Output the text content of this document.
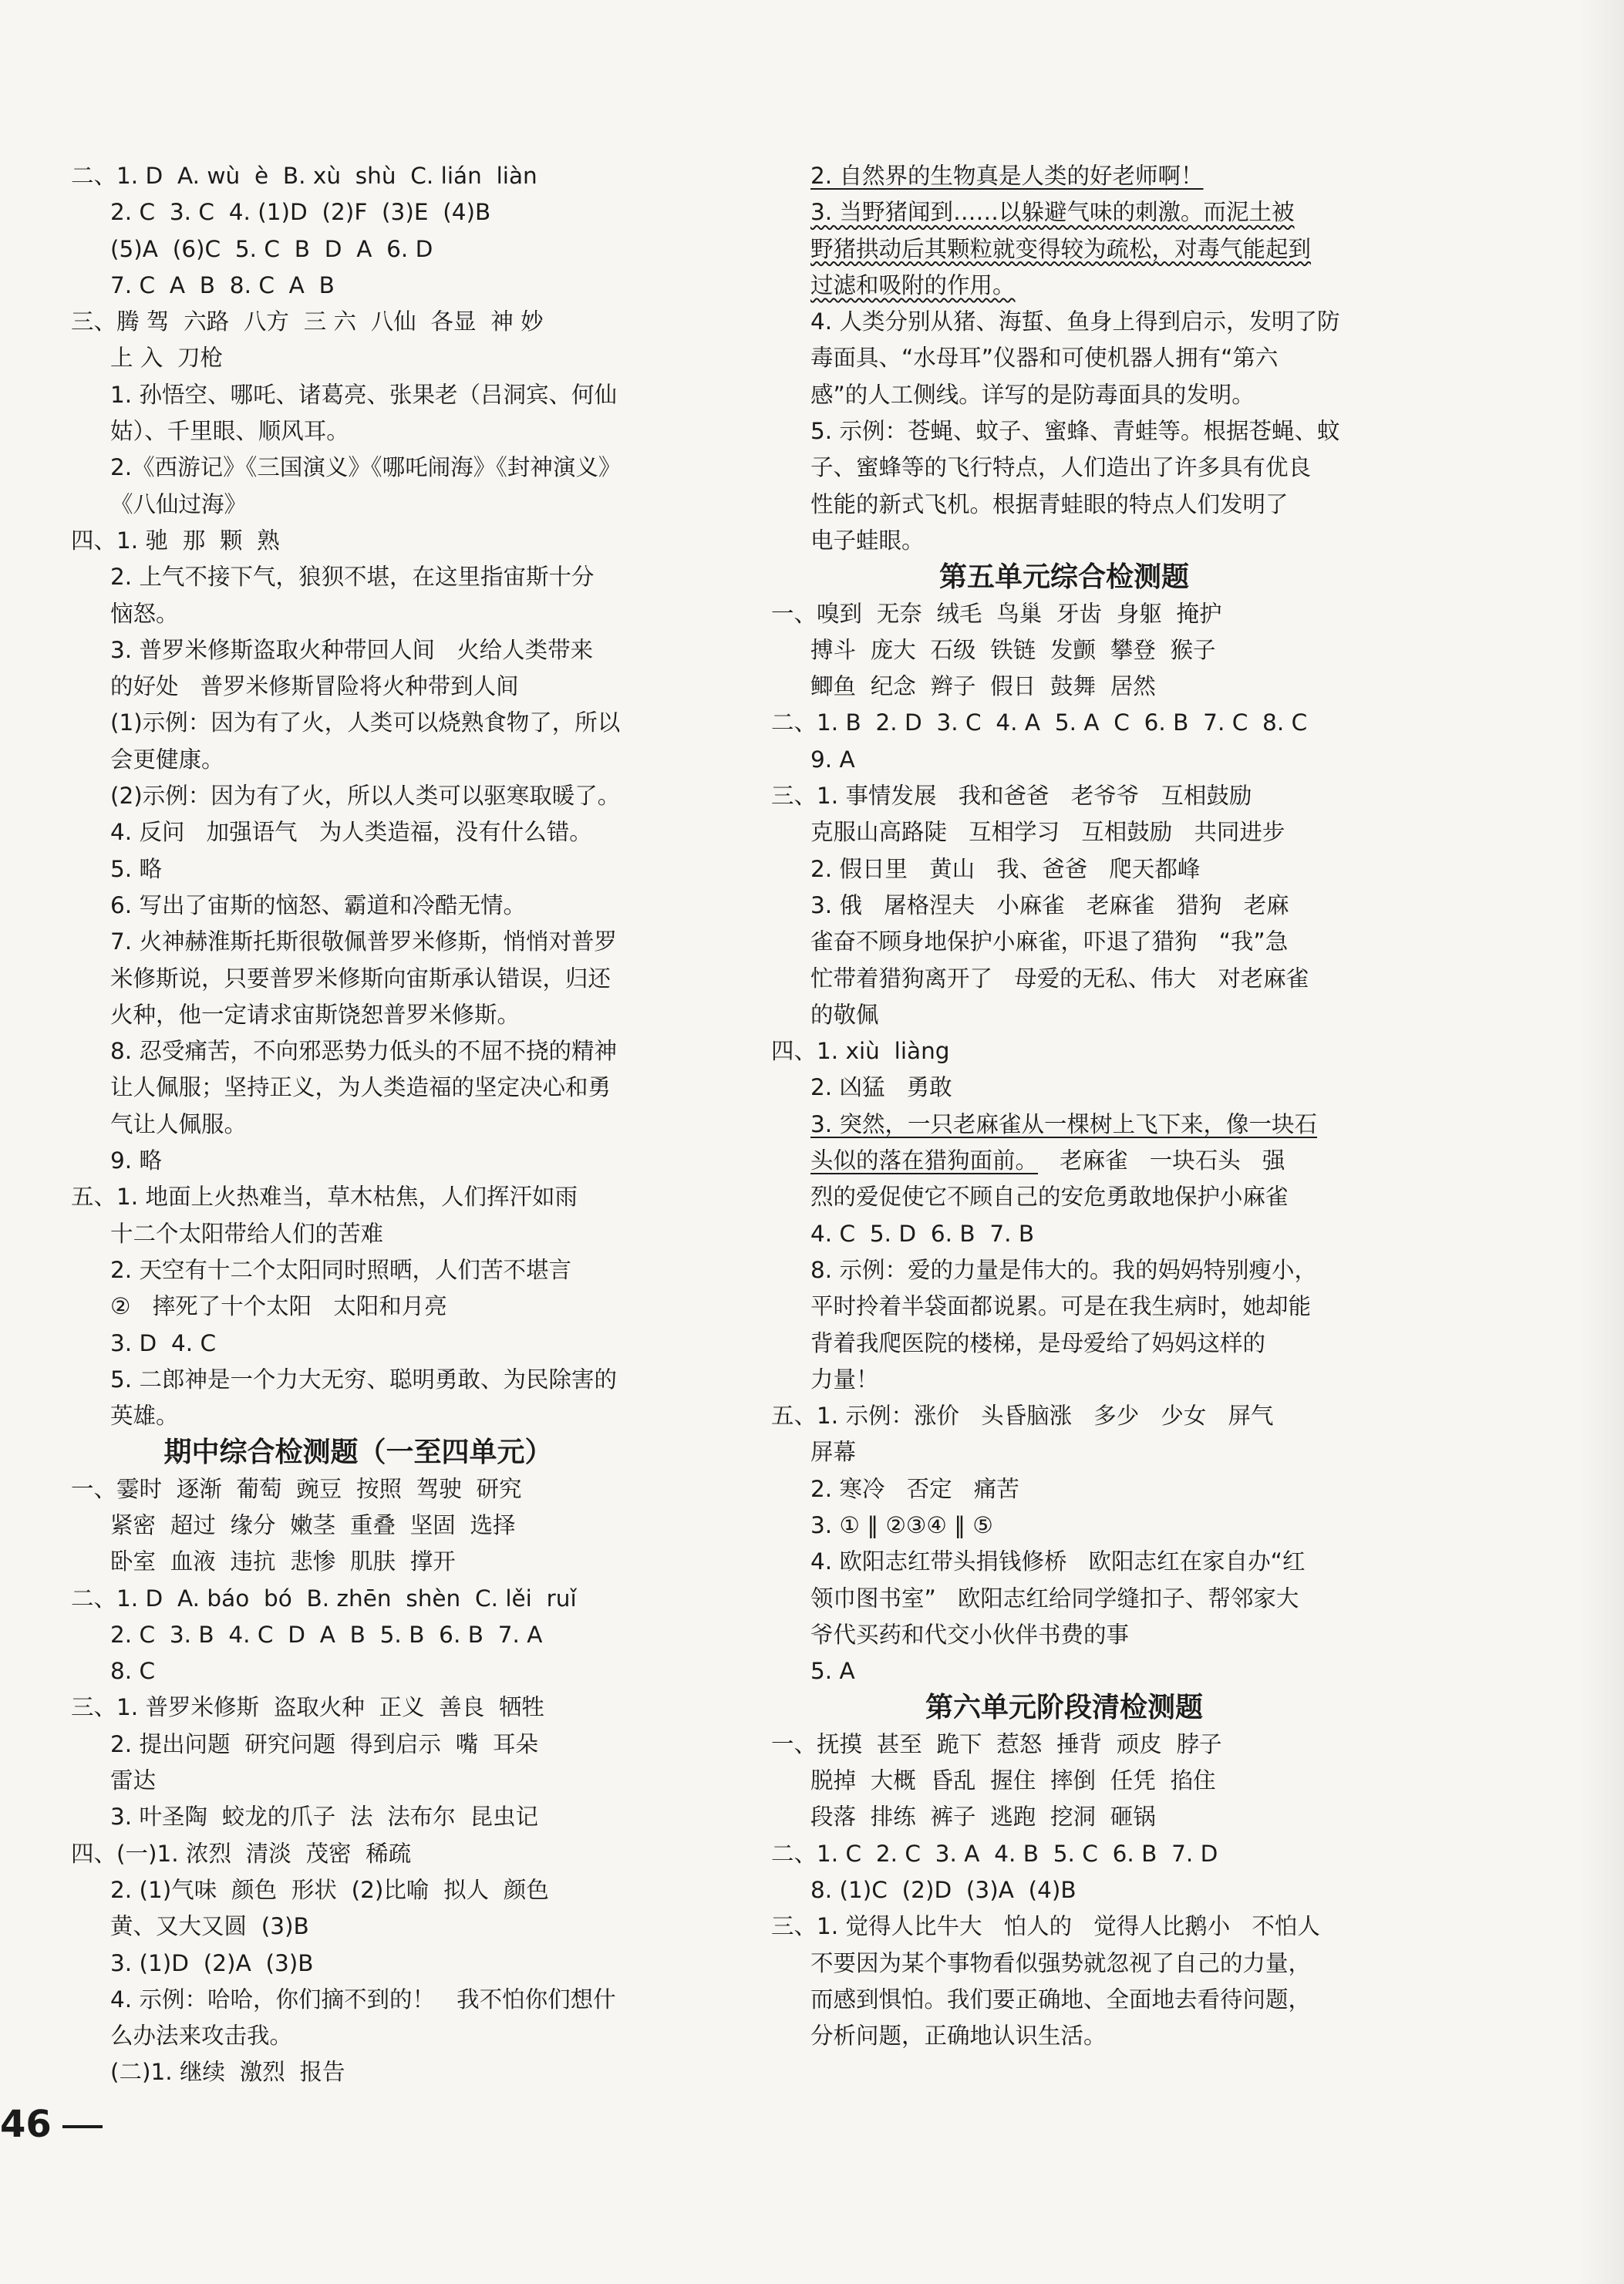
二、1. D  A. wù  è  B. xù  shù  C. lián  liàn
2. C  3. C  4. (1)D  (2)F  (3)E  (4)B
(5)A  (6)C  5. C  B  D  A  6. D
7. C  A  B  8. C  A  B
三、腾 驾  六路  八方  三 六  八仙  各显  神 妙
上 入  刀枪
1. 孙悟空、哪吒、诸葛亮、张果老（吕洞宾、何仙
姑）、千里眼、顺风耳。
2.《西游记》《三国演义》《哪吒闹海》《封神演义》
《八仙过海》
四、1. 驰  那  颗  熟
2. 上气不接下气，狼狈不堪，在这里指宙斯十分
恼怒。
3. 普罗米修斯盗取火种带回人间   火给人类带来
的好处   普罗米修斯冒险将火种带到人间
(1)示例：因为有了火，人类可以烧熟食物了，所以
会更健康。
(2)示例：因为有了火，所以人类可以驱寒取暖了。
4. 反问   加强语气   为人类造福，没有什么错。
5. 略
6. 写出了宙斯的恼怒、霸道和冷酷无情。
7. 火神赫淮斯托斯很敬佩普罗米修斯，悄悄对普罗
米修斯说，只要普罗米修斯向宙斯承认错误，归还
火种，他一定请求宙斯饶恕普罗米修斯。
8. 忍受痛苦，不向邪恶势力低头的不屈不挠的精神
让人佩服；坚持正义，为人类造福的坚定决心和勇
气让人佩服。
9. 略
五、1. 地面上火热难当，草木枯焦，人们挥汗如雨
十二个太阳带给人们的苦难
2. 天空有十二个太阳同时照晒，人们苦不堪言
②   摔死了十个太阳   太阳和月亮
3. D  4. C
5. 二郎神是一个力大无穷、聪明勇敢、为民除害的
英雄。
期中综合检测题（一至四单元）
一、霎时  逐渐  葡萄  豌豆  按照  驾驶  研究
紧密  超过  缘分  嫩茎  重叠  坚固  选择
卧室  血液  违抗  悲惨  肌肤  撑开
二、1. D  A. báo  bó  B. zhēn  shèn  C. lěi  ruǐ
2. C  3. B  4. C  D  A  B  5. B  6. B  7. A
8. C
三、1. 普罗米修斯  盗取火种  正义  善良  牺牲
2. 提出问题  研究问题  得到启示  嘴  耳朵
雷达
3. 叶圣陶  蛟龙的爪子  法  法布尔  昆虫记
四、(一)1. 浓烈  清淡  茂密  稀疏
2. (1)气味  颜色  形状  (2)比喻  拟人  颜色
黄、又大又圆  (3)B
3. (1)D  (2)A  (3)B
4. 示例：哈哈，你们摘不到的！   我不怕你们想什
么办法来攻击我。
(二)1. 继续  激烈  报告
2. 自然界的生物真是人类的好老师啊！
3. 当野猪闻到……以躲避气味的刺激。而泥土被
野猪拱动后其颗粒就变得较为疏松，对毒气能起到
过滤和吸附的作用。
4. 人类分别从猪、海蜇、鱼身上得到启示，发明了防
毒面具、“水母耳”仪器和可使机器人拥有“第六
感”的人工侧线。详写的是防毒面具的发明。
5. 示例：苍蝇、蚊子、蜜蜂、青蛙等。根据苍蝇、蚊
子、蜜蜂等的飞行特点，人们造出了许多具有优良
性能的新式飞机。根据青蛙眼的特点人们发明了
电子蛙眼。
第五单元综合检测题
一、嗅到  无奈  绒毛  鸟巢  牙齿  身躯  掩护
搏斗  庞大  石级  铁链  发颤  攀登  猴子
鲫鱼  纪念  辫子  假日  鼓舞  居然
二、1. B  2. D  3. C  4. A  5. A  C  6. B  7. C  8. C
9. A
三、1. 事情发展   我和爸爸   老爷爷   互相鼓励
克服山高路陡   互相学习   互相鼓励   共同进步
2. 假日里   黄山   我、爸爸   爬天都峰
3. 俄   屠格涅夫   小麻雀   老麻雀   猎狗   老麻
雀奋不顾身地保护小麻雀，吓退了猎狗   “我”急
忙带着猎狗离开了   母爱的无私、伟大   对老麻雀
的敬佩
四、1. xiù  liàng
2. 凶猛   勇敢
3. 突然，一只老麻雀从一棵树上飞下来，像一块石
头似的落在猎狗面前。   老麻雀   一块石头   强
烈的爱促使它不顾自己的安危勇敢地保护小麻雀
4. C  5. D  6. B  7. B
8. 示例：爱的力量是伟大的。我的妈妈特别瘦小，
平时拎着半袋面都说累。可是在我生病时，她却能
背着我爬医院的楼梯，是母爱给了妈妈这样的
力量！
五、1. 示例：涨价   头昏脑涨   多少   少女   屏气
屏幕
2. 寒冷   否定   痛苦
3. ① ‖ ②③④ ‖ ⑤
4. 欧阳志红带头捐钱修桥   欧阳志红在家自办“红
领巾图书室”   欧阳志红给同学缝扣子、帮邻家大
爷代买药和代交小伙伴书费的事
5. A
第六单元阶段清检测题
一、抚摸  甚至  跪下  惹怒  捶背  顽皮  脖子
脱掉  大概  昏乱  握住  摔倒  任凭  掐住
段落  排练  裤子  逃跑  挖洞  砸锅
二、1. C  2. C  3. A  4. B  5. C  6. B  7. D
8. (1)C  (2)D  (3)A  (4)B
三、1. 觉得人比牛大   怕人的   觉得人比鹅小   不怕人
不要因为某个事物看似强势就忽视了自己的力量，
而感到惧怕。我们要正确地、全面地去看待问题，
分析问题，正确地认识生活。
46
